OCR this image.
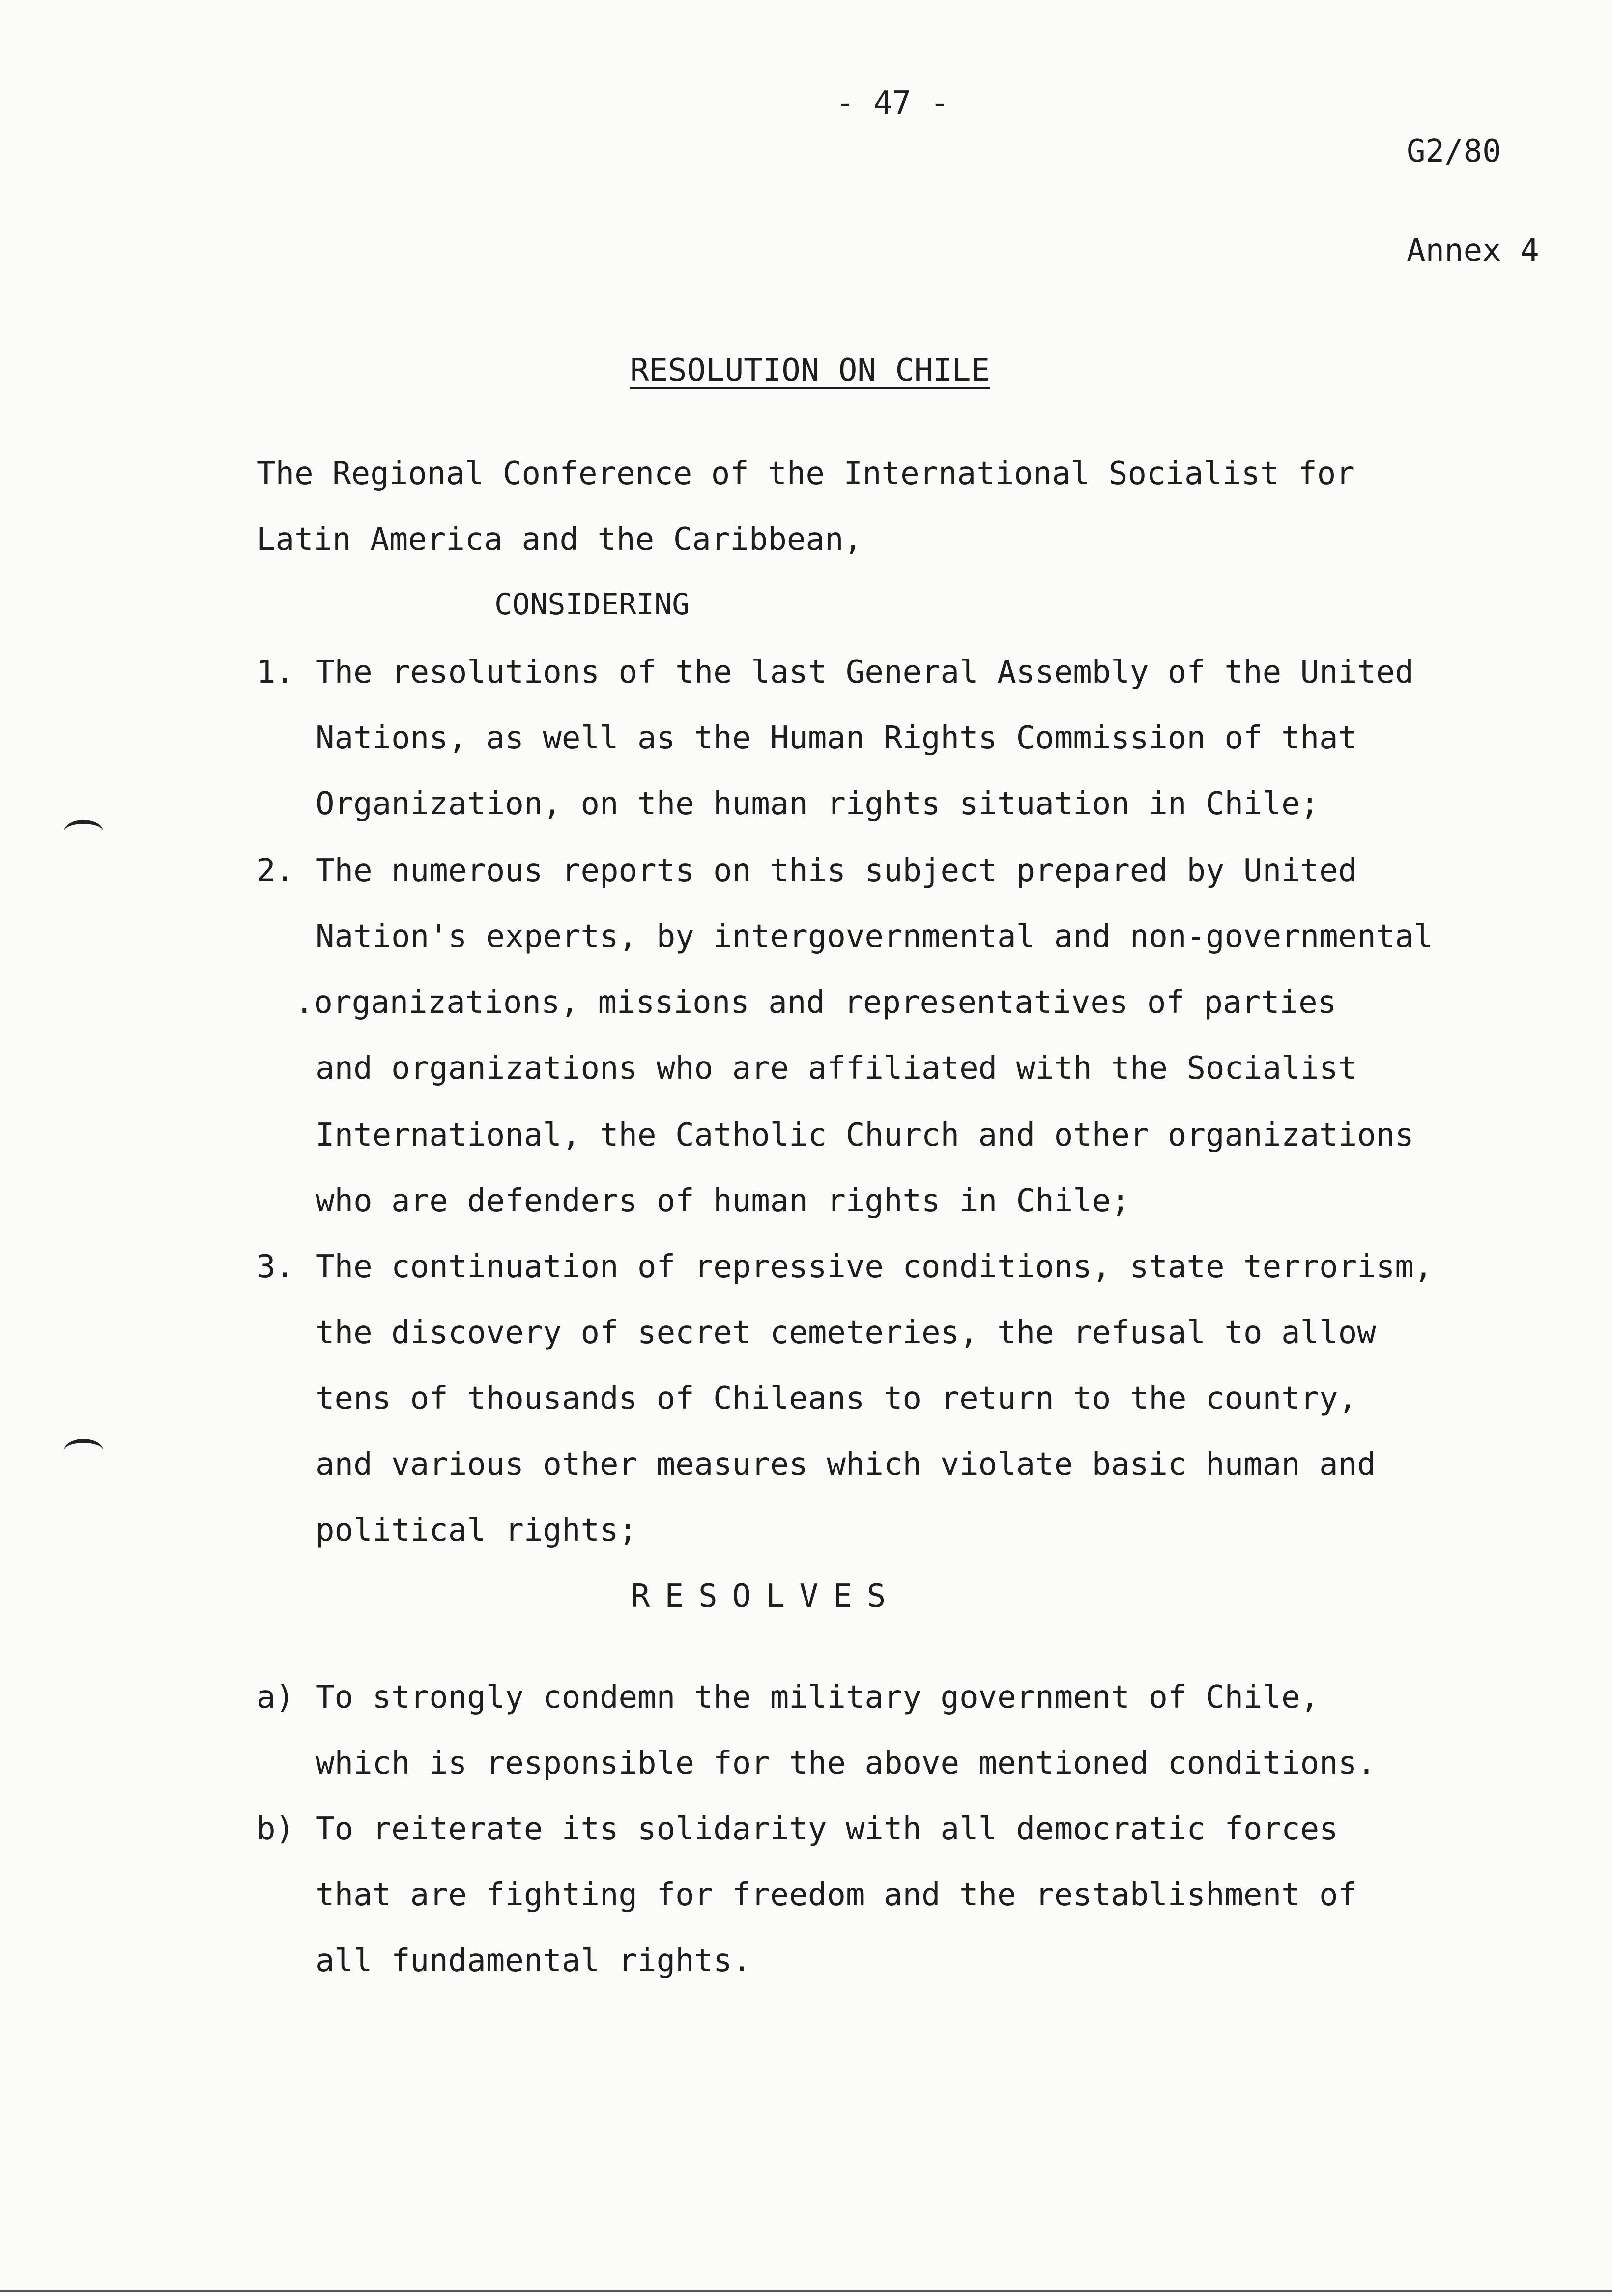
- 47 -

G2/80

Annex 4

RESOLUTION ON CHILE
The Regional Conference of the International Socialist for
Latin America and the Caribbean,
CONSIDERING
1. The resolutions of the last General Assembly of the United
Nations, as well as the Human Rights Commission of that
Organization, on the human rights situation in Chile;
2. The numerous reports on this subject prepared by United
Nation's experts, by intergovernmental and non-governmental
.organizations, missions and representatives of parties
and organizations who are affiliated with the Socialist
International, the Catholic Church and other organizations
who are defenders of human rights in Chile;
3. The continuation of repressive conditions, state terrorism,
the discovery of secret cemeteries, the refusal to allow
tens of thousands of Chileans to return to the country,
and various other measures which violate basic human and
political rights;
RESOLVES
a) To strongly condemn the military government of Chile,
which is responsible for the above mentioned conditions.
b) To reiterate its solidarity with all democratic forces
that are fighting for freedom and the restablishment of
all fundamental rights.
